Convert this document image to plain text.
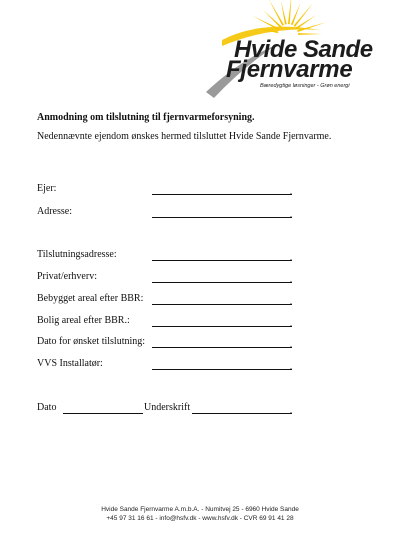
Hvide Sande
Fjernvarme
Bæredygtige løsninger - Grøn energi
Anmodning om tilslutning til fjernvarmeforsyning.
Nedennævnte ejendom ønskes hermed tilsluttet Hvide Sande Fjernvarme.
Ejer:	.
Adresse:	.
Tilslutningsadresse:	.
Privat/erhverv:	.
Bebygget areal efter BBR:	.
Bolig areal efter BBR.:	.
Dato for ønsket tilslutning:	.
VVS Installatør:	.
Dato	Underskrift	.
Hvide Sande Fjernvarme A.m.b.A. - Numitvej 25 - 6960 Hvide Sande
+45 97 31 16 61 - info@hsfv.dk - www.hsfv.dk - CVR 69 91 41 28
